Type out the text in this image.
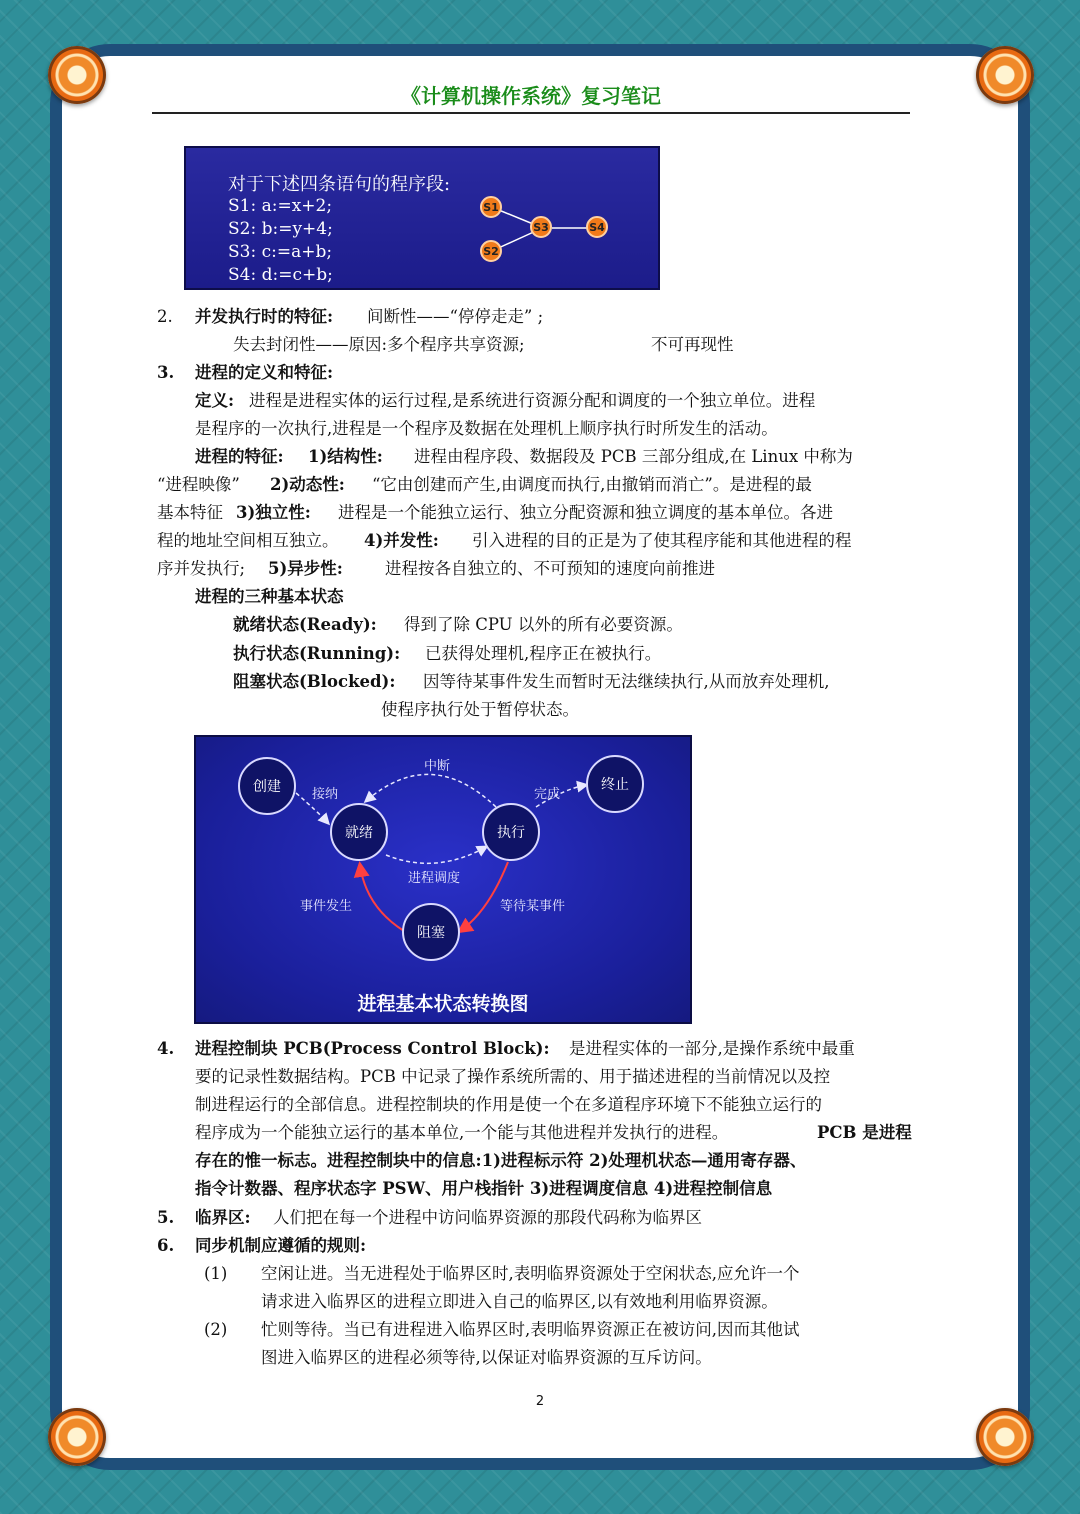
《计算机操作系统》复习笔记
对于下述四条语句的程序段:
S1: a:=x+2;
S2: b:=y+4;
S3: c:=a+b;
S4: d:=c+b;
S1
S3	S4
S2
2. 并发执行时的特征: 间断性——“停停走走” ;
失去封闭性——原因:多个程序共享资源;	不可再现性
3. 进程的定义和特征:
定义: 进程是进程实体的运行过程,是系统进行资源分配和调度的一个独立单位。进程
是程序的一次执行,进程是一个程序及数据在处理机上顺序执行时所发生的活动。
进程的特征: 1)结构性: 进程由程序段、数据段及 PCB 三部分组成,在 Linux 中称为
“进程映像” 2)动态性: “它由创建而产生,由调度而执行,由撤销而消亡”。是进程的最
基本特征 3)独立性: 进程是一个能独立运行、独立分配资源和独立调度的基本单位。各进
程的地址空间相互独立。 4)并发性: 引入进程的目的正是为了使其程序能和其他进程的程
序并发执行; 5)异步性:	进程按各自独立的、不可预知的速度向前推进
进程的三种基本状态
就绪状态(Ready): 得到了除 CPU 以外的所有必要资源。
执行状态(Running): 已获得处理机,程序正在被执行。
阻塞状态(Blocked): 因等待某事件发生而暂时无法继续执行,从而放弃处理机,
使程序执行处于暂停状态。
创建
就绪	执行
终止
阻塞
接纳
中断
完成
进程调度
事件发生	等待某事件
进程基本状态转换图
4. 进程控制块 PCB(Process Control Block): 是进程实体的一部分,是操作系统中最重
要的记录性数据结构。PCB 中记录了操作系统所需的、用于描述进程的当前情况以及控
制进程运行的全部信息。进程控制块的作用是使一个在多道程序环境下不能独立运行的
程序成为一个能独立运行的基本单位,一个能与其他进程并发执行的进程。	PCB 是进程
存在的惟一标志。进程控制块中的信息:1)进程标示符 2)处理机状态—通用寄存器、
指令计数器、程序状态字 PSW、用户栈指针 3)进程调度信息 4)进程控制信息
5. 临界区: 人们把在每一个进程中访问临界资源的那段代码称为临界区
6. 同步机制应遵循的规则:
(1) 空闲让进。当无进程处于临界区时,表明临界资源处于空闲状态,应允许一个
请求进入临界区的进程立即进入自己的临界区,以有效地利用临界资源。
(2) 忙则等待。当已有进程进入临界区时,表明临界资源正在被访问,因而其他试
图进入临界区的进程必须等待,以保证对临界资源的互斥访问。
2
